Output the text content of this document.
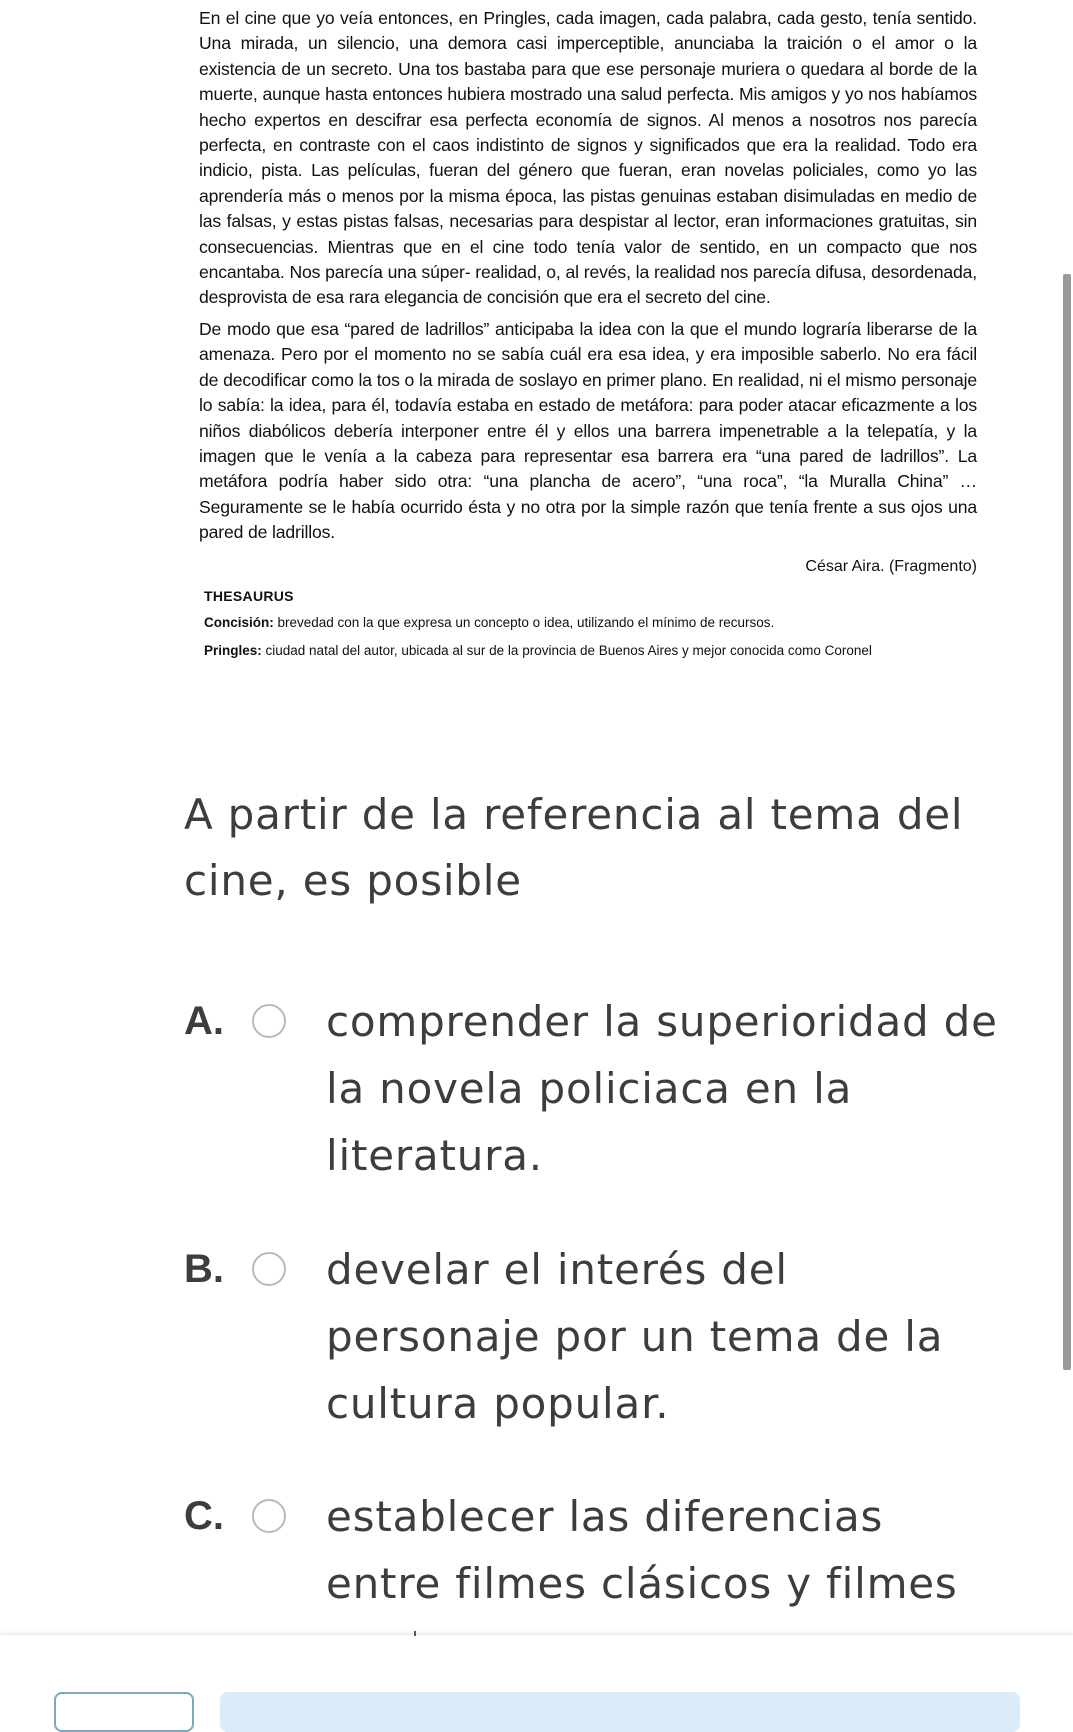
En el cine que yo veía entonces, en Pringles, cada imagen, cada palabra, cada gesto, tenía sentido. Una mirada, un silencio, una demora casi imperceptible, anunciaba la traición o el amor o la existencia de un secreto. Una tos bastaba para que ese personaje muriera o quedara al borde de la muerte, aunque hasta entonces hubiera mostrado una salud perfecta. Mis amigos y yo nos habíamos hecho expertos en descifrar esa perfecta economía de signos. Al menos a nosotros nos parecía perfecta, en contraste con el caos indistinto de signos y significados que era la realidad. Todo era indicio, pista. Las películas, fueran del género que fueran, eran novelas policiales, como yo las aprendería más o menos por la misma época, las pistas genuinas estaban disimuladas en medio de las falsas, y estas pistas falsas, necesarias para despistar al lector, eran informaciones gratuitas, sin consecuencias. Mientras que en el cine todo tenía valor de sentido, en un compacto que nos encantaba. Nos parecía una súper- realidad, o, al revés, la realidad nos parecía difusa, desordenada, desprovista de esa rara elegancia de concisión que era el secreto del cine.

De modo que esa “pared de ladrillos” anticipaba la idea con la que el mundo lograría liberarse de la amenaza. Pero por el momento no se sabía cuál era esa idea, y era imposible saberlo. No era fácil de decodificar como la tos o la mirada de soslayo en primer plano. En realidad, ni el mismo personaje lo sabía: la idea, para él, todavía estaba en estado de metáfora: para poder atacar eficazmente a los niños diabólicos debería interponer entre él y ellos una barrera impenetrable a la telepatía, y la imagen que le venía a la cabeza para representar esa barrera era “una pared de ladrillos”. La metáfora podría haber sido otra: “una plancha de acero”, “una roca”, “la Muralla China” … Seguramente se le había ocurrido ésta y no otra por la simple razón que tenía frente a sus ojos una pared de ladrillos.

César Aira. (Fragmento)
THESAURUS
Concisión: brevedad con la que expresa un concepto o idea, utilizando el mínimo de recursos.
Pringles: ciudad natal del autor, ubicada al sur de la provincia de Buenos Aires y mejor conocida como Coronel
A partir de la referencia al tema del cine, es posible
A.	comprender la superioridad de la novela policiaca en la literatura.
B.	develar el interés del personaje por un tema de la cultura popular.
C.	establecer las diferencias entre filmes clásicos y filmes
